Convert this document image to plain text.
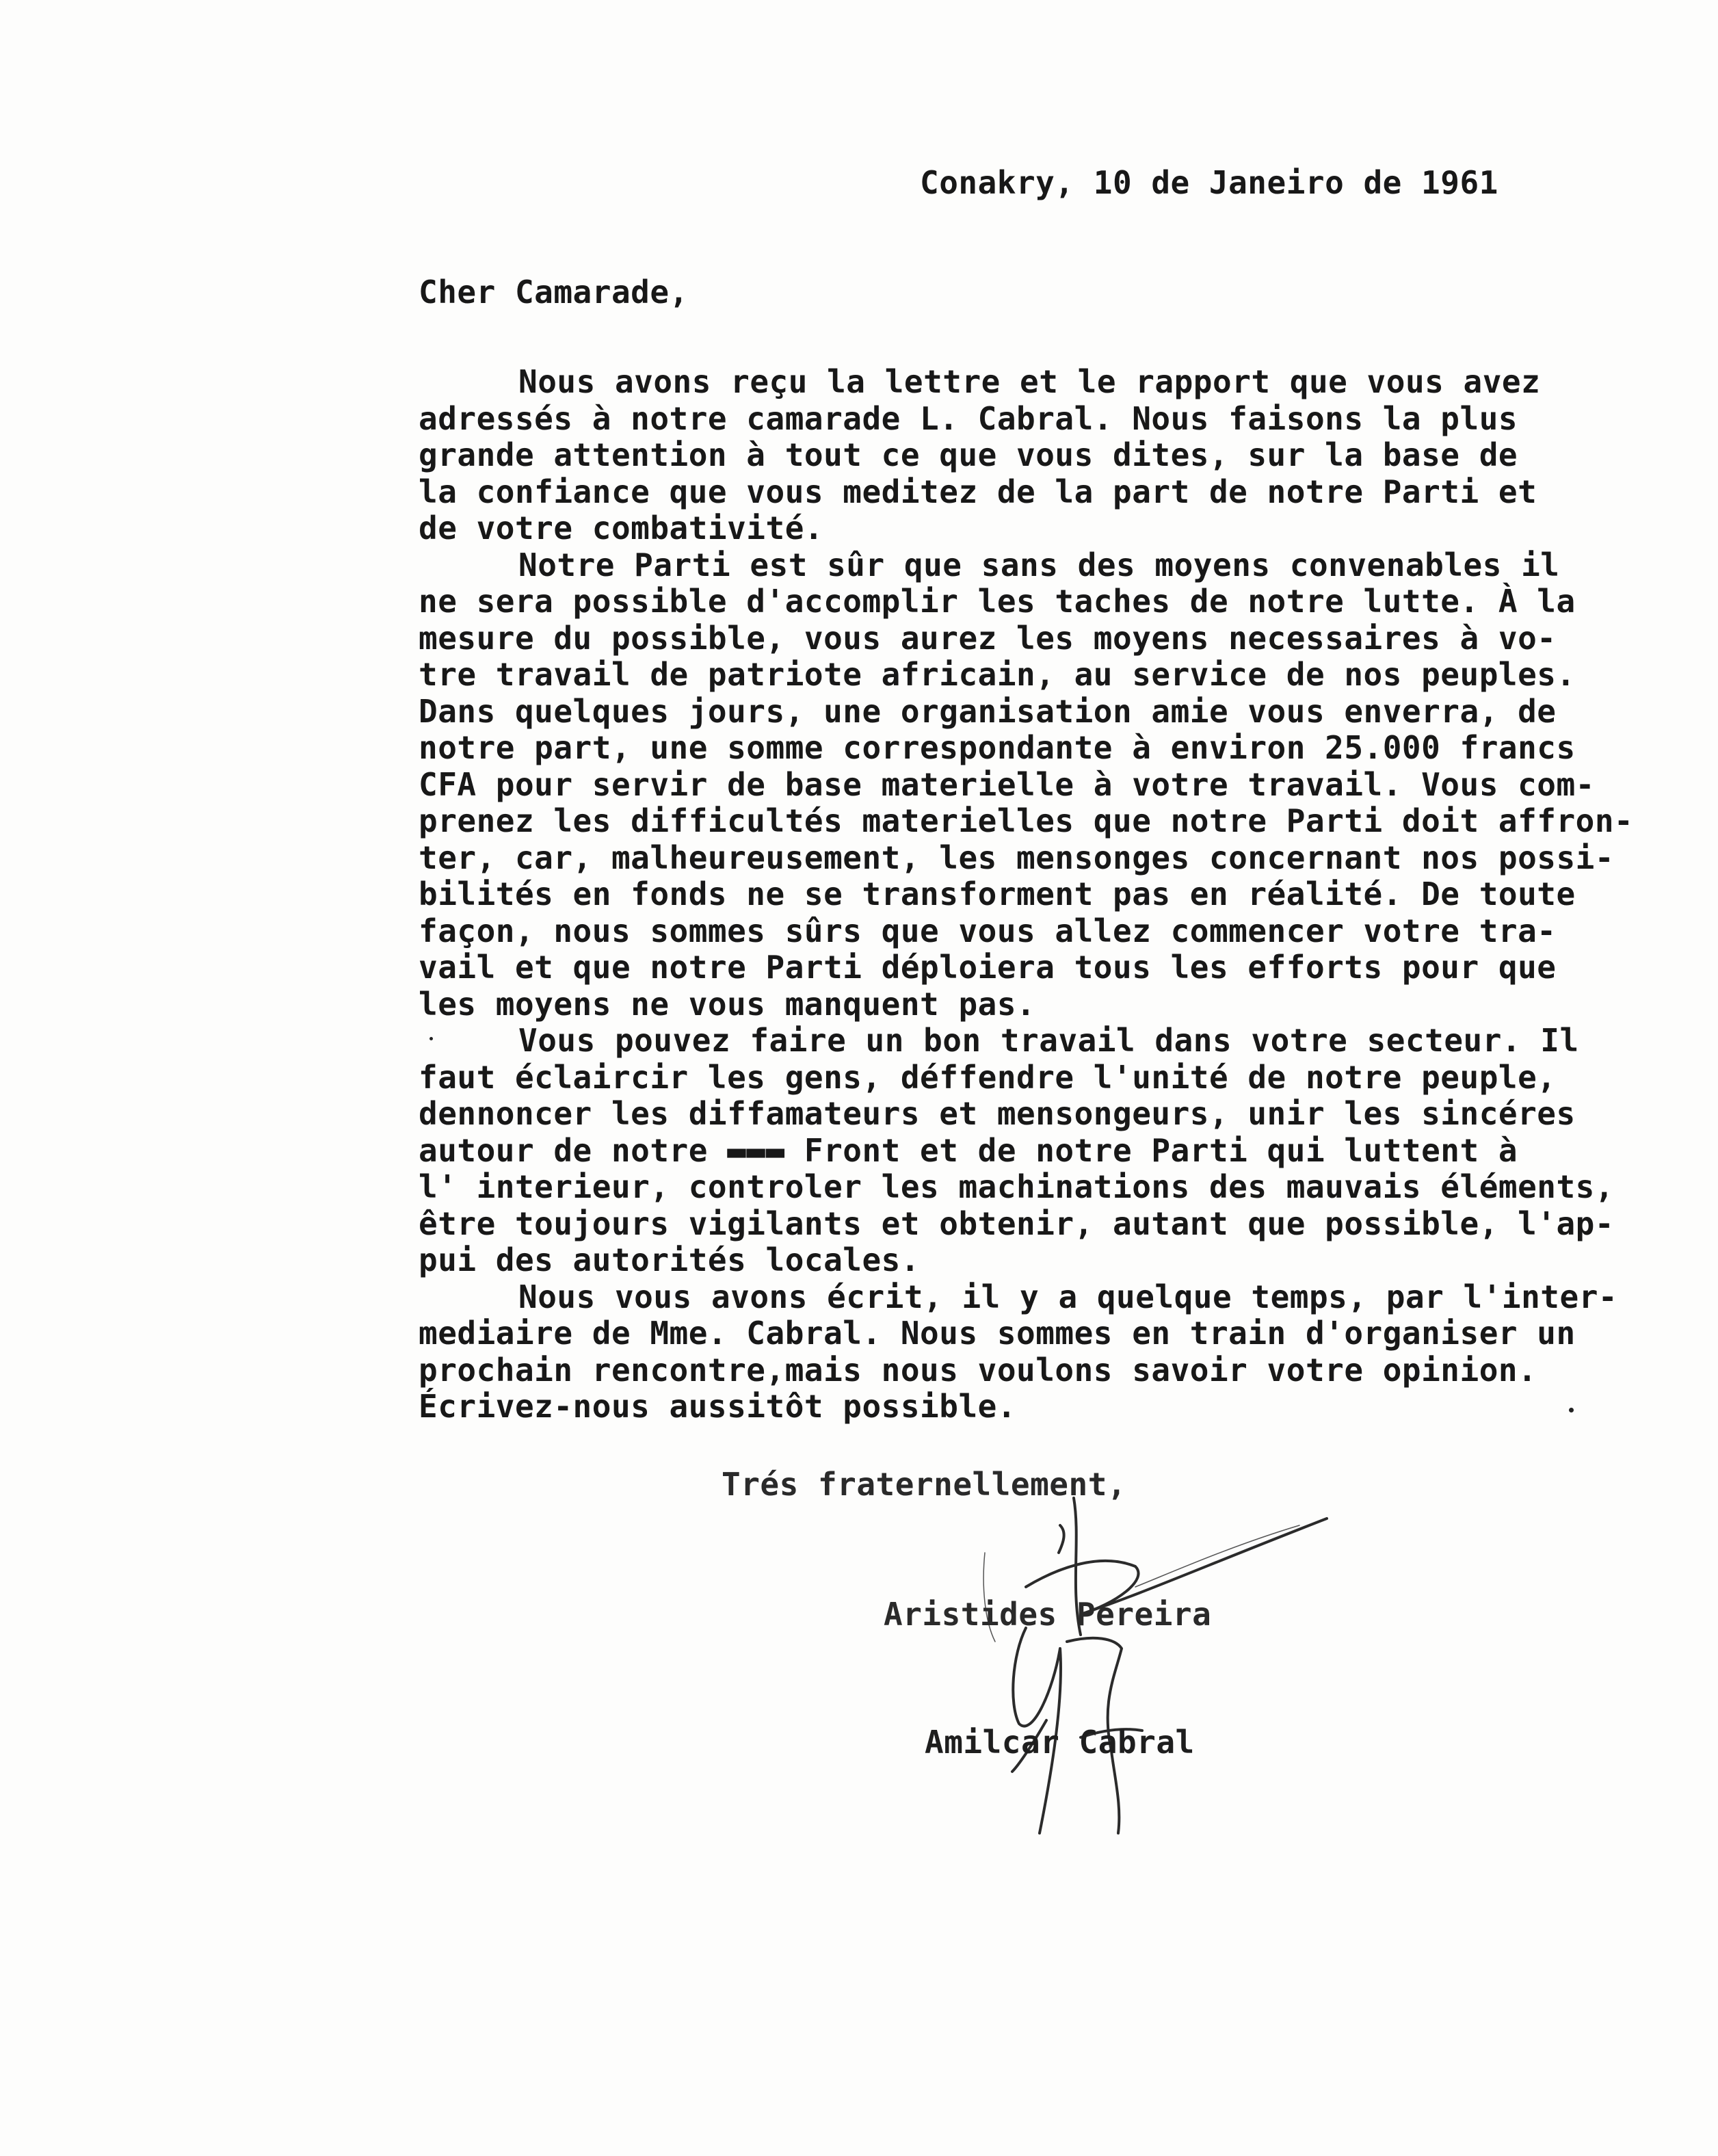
Conakry, 10 de Janeiro de 1961
Cher Camarade,
Nous avons reçu la lettre et le rapport que vous avez
adressés à notre camarade L. Cabral. Nous faisons la plus
grande attention à tout ce que vous dites, sur la base de
la confiance que vous meditez de la part de notre Parti et
de votre combativité.
Notre Parti est sûr que sans des moyens convenables il
ne sera possible d'accomplir les taches de notre lutte. À la
mesure du possible, vous aurez les moyens necessaires à vo-
tre travail de patriote africain, au service de nos peuples.
Dans quelques jours, une organisation amie vous enverra, de
notre part, une somme correspondante à environ 25.000 francs
CFA pour servir de base materielle à votre travail. Vous com-
prenez les difficultés materielles que notre Parti doit affron-
ter, car, malheureusement, les mensonges concernant nos possi-
bilités en fonds ne se transforment pas en réalité. De toute
façon, nous sommes sûrs que vous allez commencer votre tra-
vail et que notre Parti déploiera tous les efforts pour que
les moyens ne vous manquent pas.
Vous pouvez faire un bon travail dans votre secteur. Il
faut éclaircir les gens, déffendre l'unité de notre peuple,
dennoncer les diffamateurs et mensongeurs, unir les sincéres
autour de notre ▬▬▬ Front et de notre Parti qui luttent à
l' interieur, controler les machinations des mauvais éléments,
être toujours vigilants et obtenir, autant que possible, l'ap-
pui des autorités locales.
Nous vous avons écrit, il y a quelque temps, par l'inter-
mediaire de Mme. Cabral. Nous sommes en train d'organiser un
prochain rencontre,mais nous voulons savoir votre opinion.
Écrivez-nous aussitôt possible.
Trés fraternellement,
Aristides Pereira
Amilcar Cabral
